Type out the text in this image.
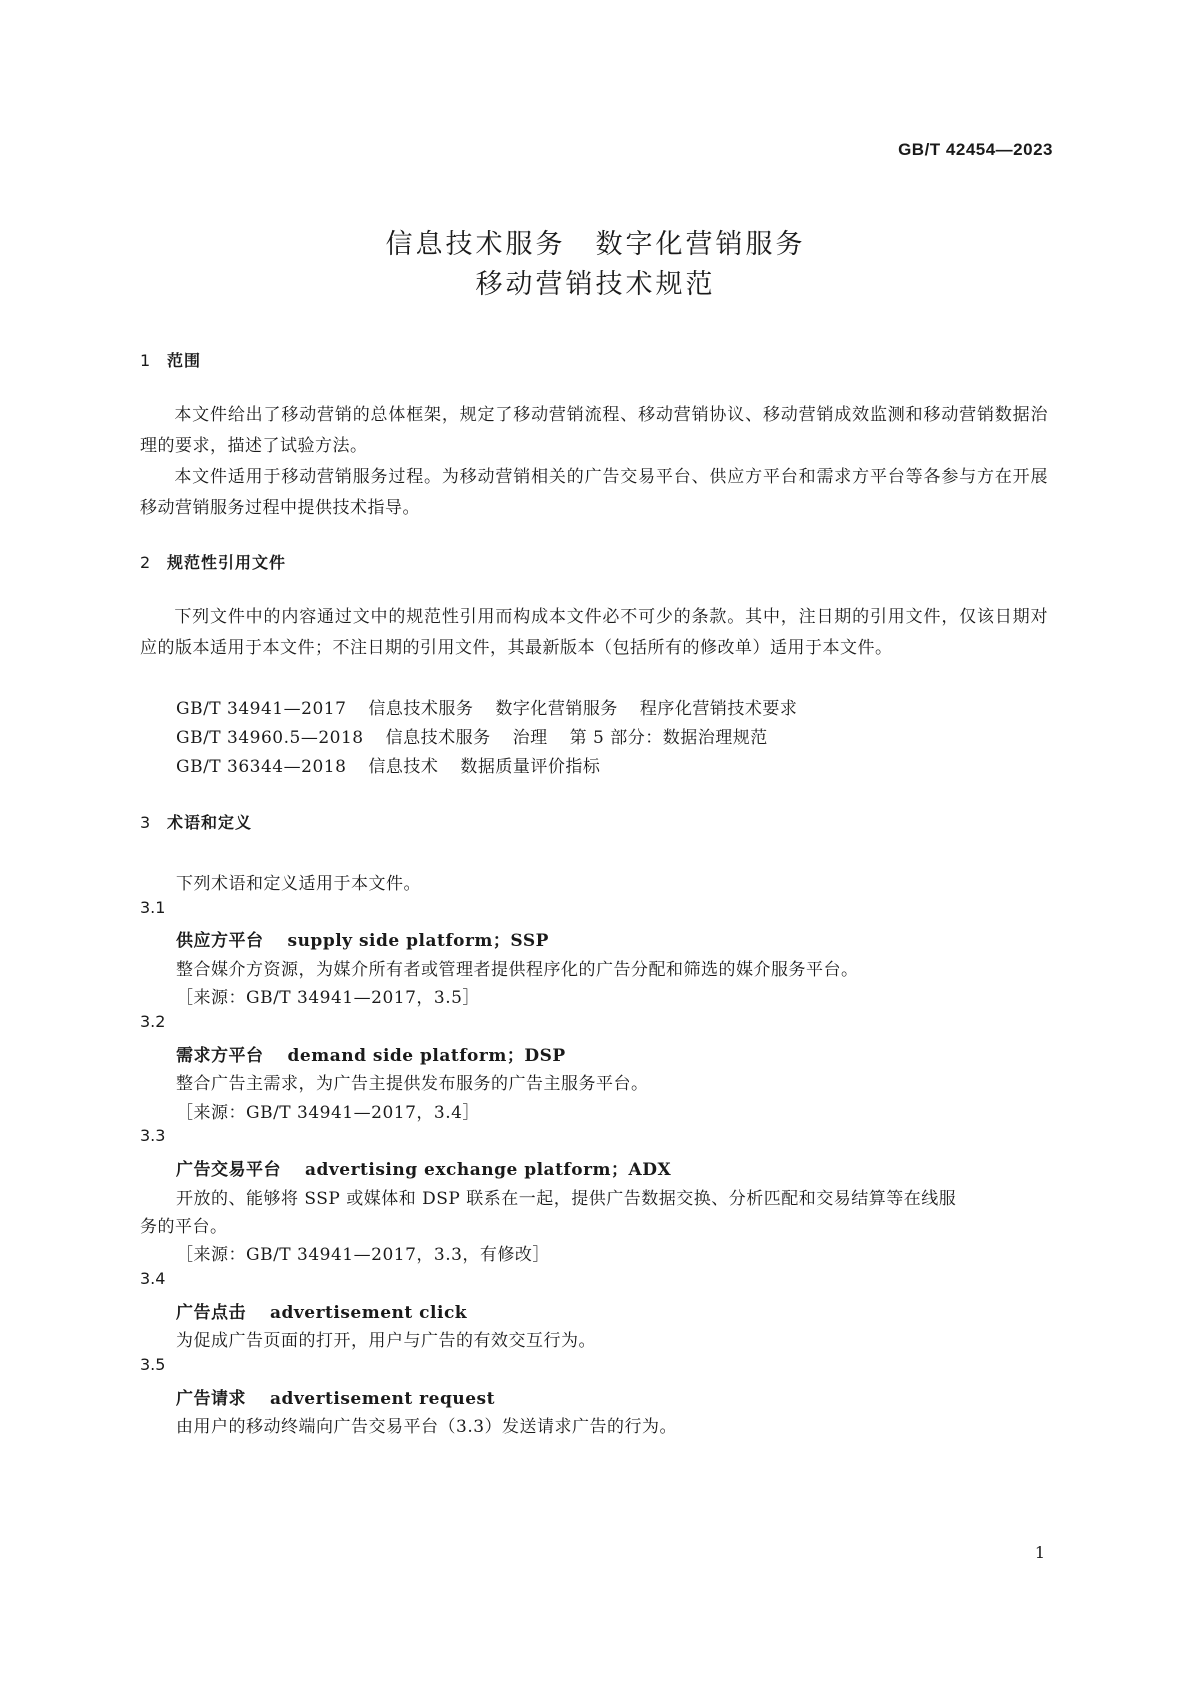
GB/T 42454—2023
信息技术服务　数字化营销服务
移动营销技术规范
1 范围
本文件给出了移动营销的总体框架，规定了移动营销流程、移动营销协议、移动营销成效监测和移动营销数据治理的要求，描述了试验方法。
本文件适用于移动营销服务过程。为移动营销相关的广告交易平台、供应方平台和需求方平台等各参与方在开展移动营销服务过程中提供技术指导。
2 规范性引用文件
下列文件中的内容通过文中的规范性引用而构成本文件必不可少的条款。其中，注日期的引用文件，仅该日期对应的版本适用于本文件；不注日期的引用文件，其最新版本（包括所有的修改单）适用于本文件。
GB/T 34941—2017 信息技术服务 数字化营销服务 程序化营销技术要求
GB/T 34960.5—2018 信息技术服务 治理 第 5 部分：数据治理规范
GB/T 36344—2018 信息技术 数据质量评价指标
3 术语和定义
下列术语和定义适用于本文件。
3.1
供应方平台 supply side platform；SSP
整合媒介方资源，为媒介所有者或管理者提供程序化的广告分配和筛选的媒介服务平台。
［来源：GB/T 34941—2017，3.5］
3.2
需求方平台 demand side platform；DSP
整合广告主需求，为广告主提供发布服务的广告主服务平台。
［来源：GB/T 34941—2017，3.4］
3.3
广告交易平台 advertising exchange platform；ADX
开放的、能够将 SSP 或媒体和 DSP 联系在一起，提供广告数据交换、分析匹配和交易结算等在线服
务的平台。
［来源：GB/T 34941—2017，3.3，有修改］
3.4
广告点击 advertisement click
为促成广告页面的打开，用户与广告的有效交互行为。
3.5
广告请求 advertisement request
由用户的移动终端向广告交易平台（3.3）发送请求广告的行为。
1
